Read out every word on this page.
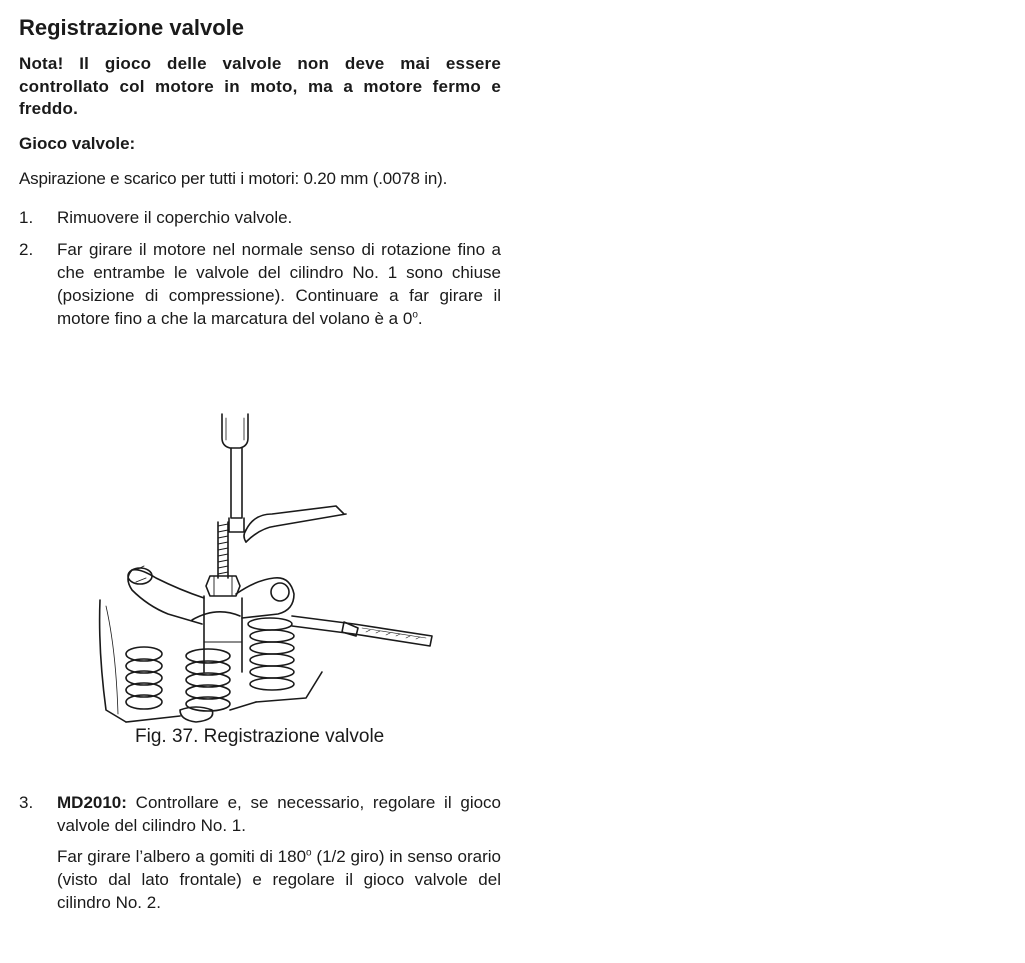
Registrazione valvole
Nota! Il gioco delle valvole non deve mai essere controllato col motore in moto, ma a motore fermo e freddo.
Gioco valvole:
Aspirazione e scarico per tutti i motori: 0.20 mm (.0078 in).
1.	Rimuovere il coperchio valvole.
2.	Far girare il motore nel normale senso di rotazione fino a che entrambe le valvole del cilindro No. 1 sono chiuse (posizione di compressione). Continuare a far girare il motore fino a che la marcatura del volano è a 0$^o$.
Fig. 37. Registrazione valvole
3.	MD2010: Controllare e, se necessario, regolare il gioco valvole del cilindro No. 1.

Far girare l’albero a gomiti di 180$^o$ (1/2 giro) in senso orario (visto dal lato frontale) e regolare il gioco valvole del cilindro No. 2.
